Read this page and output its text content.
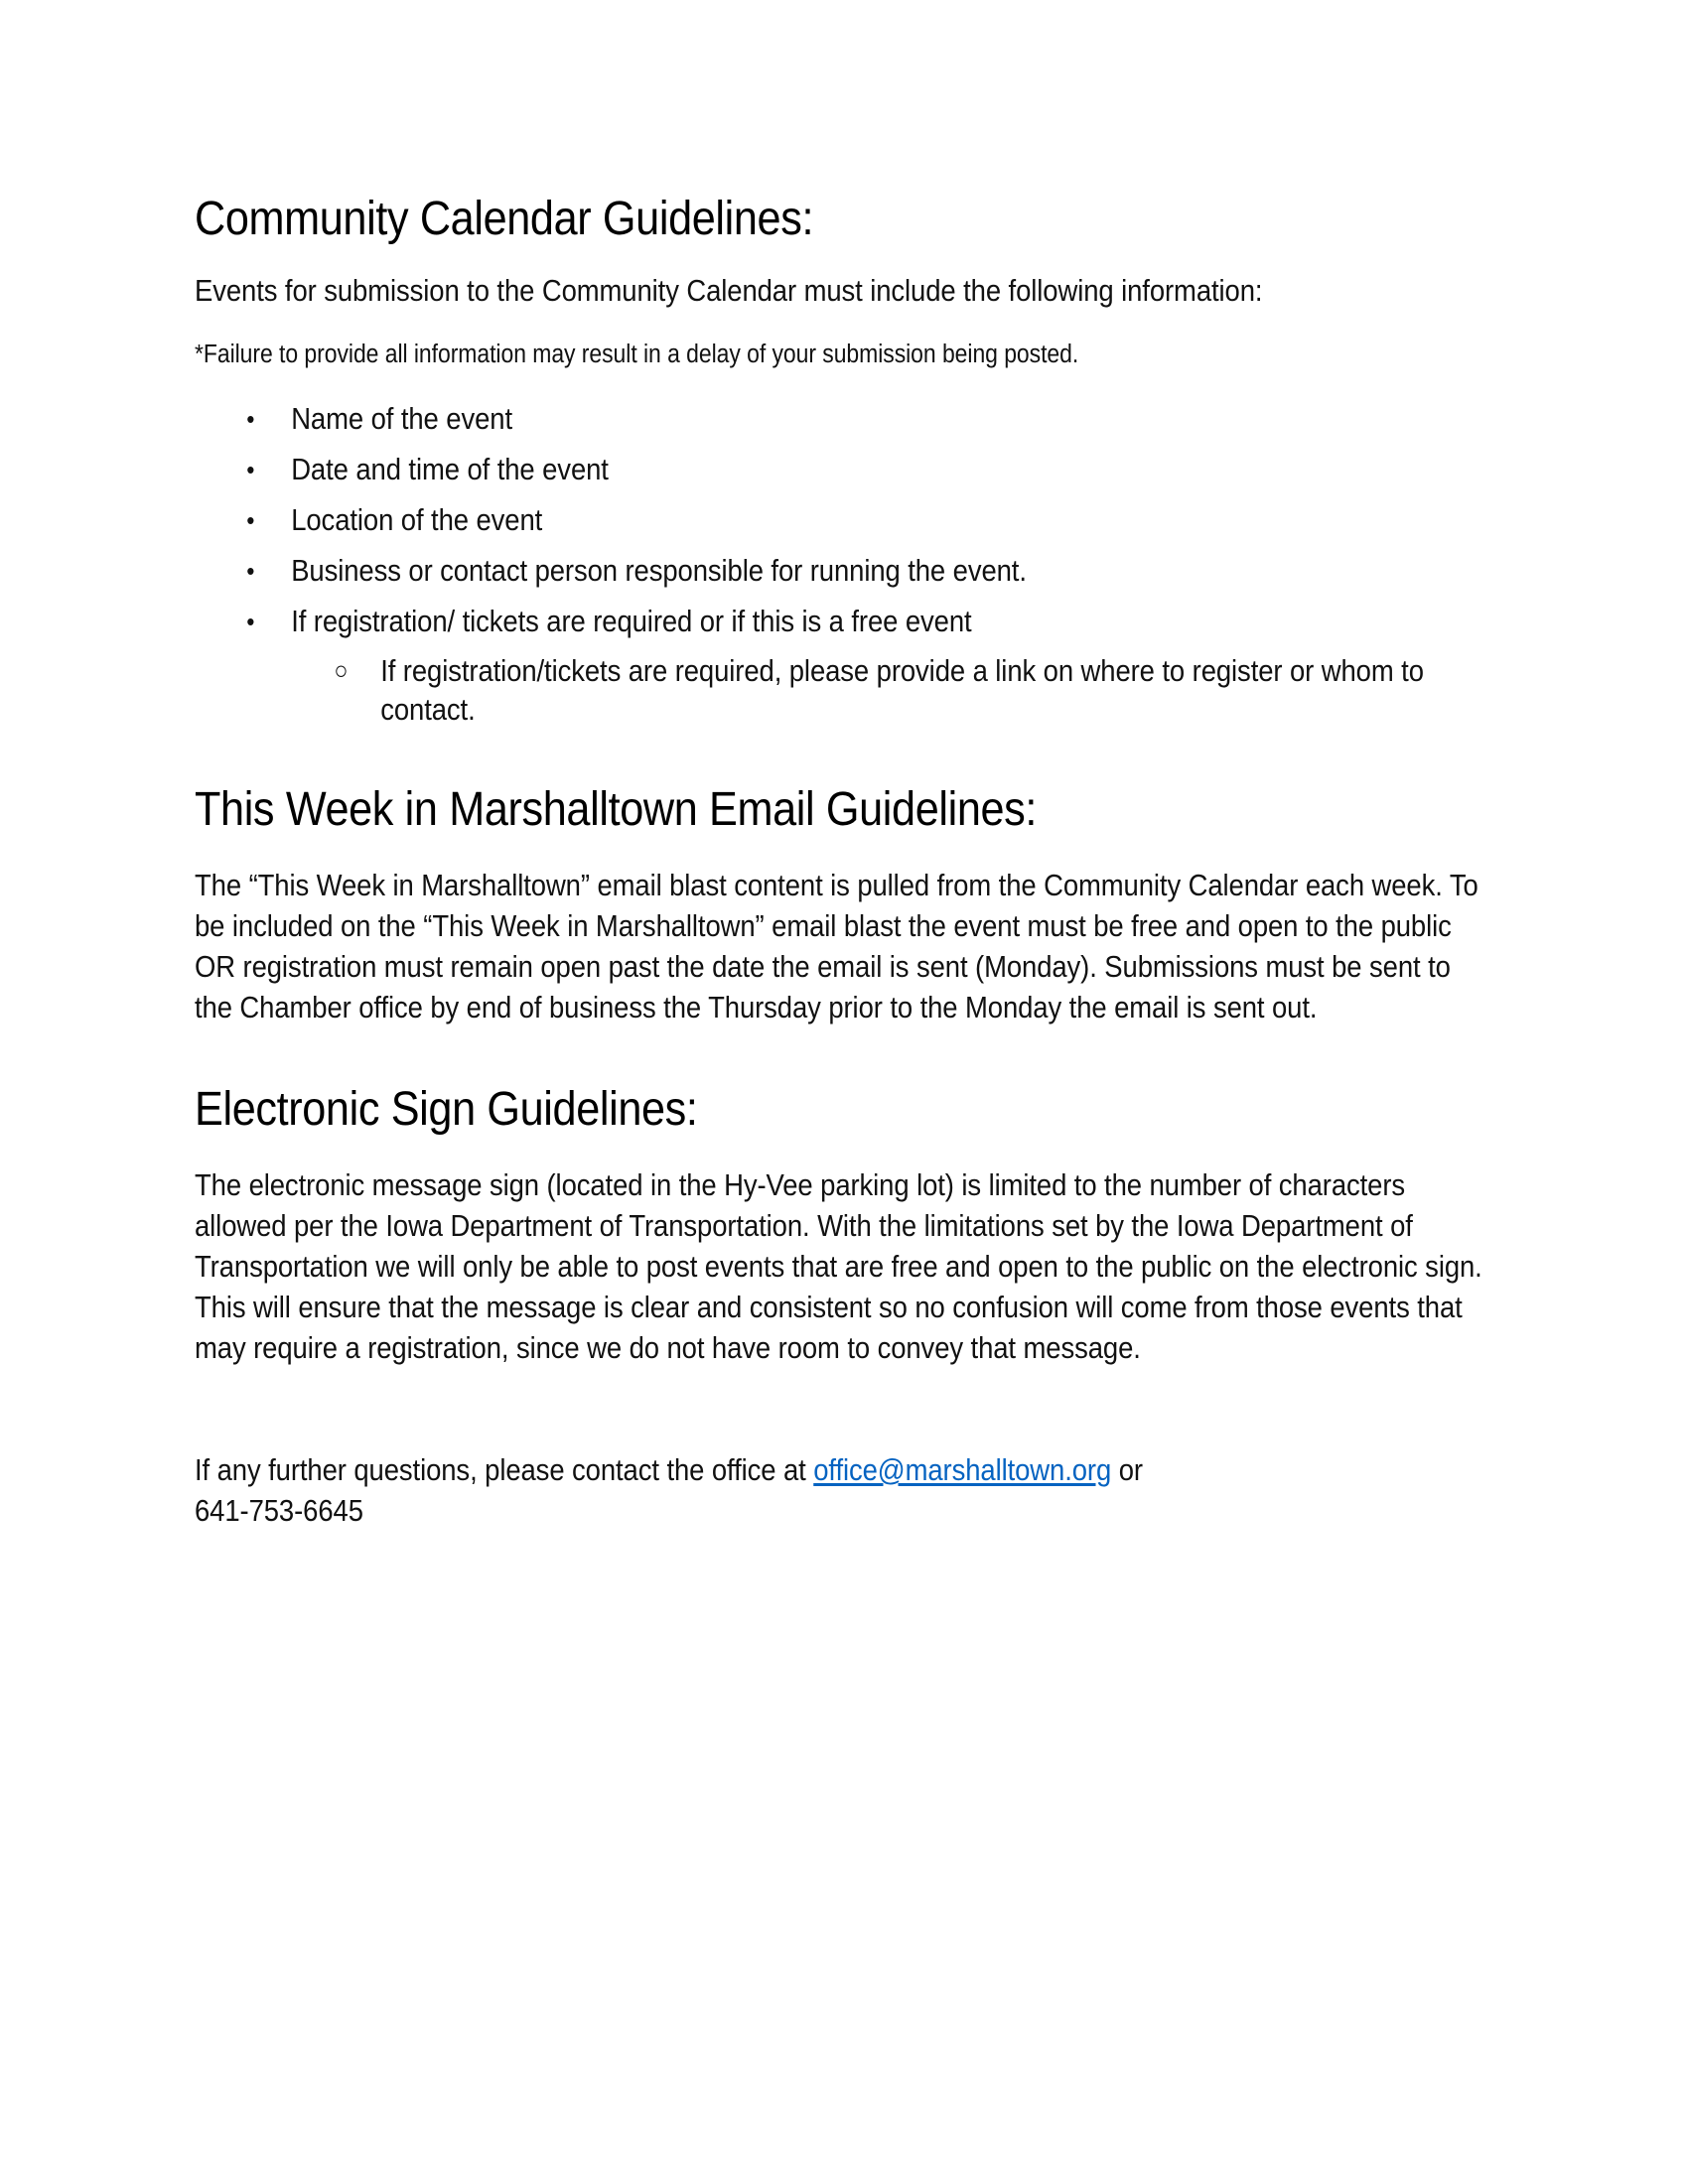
Community Calendar Guidelines:

Events for submission to the Community Calendar must include the following information:

*Failure to provide all information may result in a delay of your submission being posted.

• Name of the event
• Date and time of the event
• Location of the event
• Business or contact person responsible for running the event.
• If registration/ tickets are required or if this is a free event
○ If registration/tickets are required, please provide a link on where to register or whom to contact.
This Week in Marshalltown Email Guidelines:

The “This Week in Marshalltown” email blast content is pulled from the Community Calendar each week. To be included on the “This Week in Marshalltown” email blast the event must be free and open to the public OR registration must remain open past the date the email is sent (Monday). Submissions must be sent to the Chamber office by end of business the Thursday prior to the Monday the email is sent out.

Electronic Sign Guidelines:

The electronic message sign (located in the Hy-Vee parking lot) is limited to the number of characters allowed per the Iowa Department of Transportation. With the limitations set by the Iowa Department of Transportation we will only be able to post events that are free and open to the public on the electronic sign. This will ensure that the message is clear and consistent so no confusion will come from those events that may require a registration, since we do not have room to convey that message.

If any further questions, please contact the office at office@marshalltown.org or
641-753-6645
